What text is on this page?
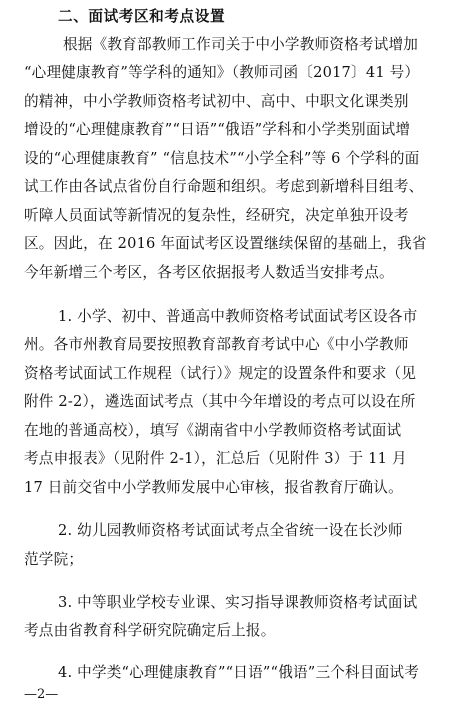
二、面试考区和考点设置
根据《教育部教师工作司关于中小学教师资格考试增加
“心理健康教育”等学科的通知》（教师司函〔2017〕41 号）
的精神，中小学教师资格考试初中、高中、中职文化课类别
增设的“心理健康教育”“日语”“俄语”学科和小学类别面试增
设的“心理健康教育” “信息技术”“小学全科”等 6 个学科的面
试工作由各试点省份自行命题和组织。考虑到新增科目组考、
听障人员面试等新情况的复杂性，经研究，决定单独开设考
区。因此，在 2016 年面试考区设置继续保留的基础上，我省
今年新增三个考区，各考区依据报考人数适当安排考点。
1. 小学、初中、普通高中教师资格考试面试考区设各市
州。各市州教育局要按照教育部教育考试中心《中小学教师
资格考试面试工作规程（试行）》规定的设置条件和要求（见
附件 2-2），遴选面试考点（其中今年增设的考点可以设在所
在地的普通高校），填写《湖南省中小学教师资格考试面试
考点申报表》（见附件 2-1），汇总后（见附件 3）于 11 月
17 日前交省中小学教师发展中心审核，报省教育厅确认。
2. 幼儿园教师资格考试面试考点全省统一设在长沙师
范学院；
3. 中等职业学校专业课、实习指导课教师资格考试面试
考点由省教育科学研究院确定后上报。
4. 中学类“心理健康教育”“日语”“俄语”三个科目面试考
—2—
